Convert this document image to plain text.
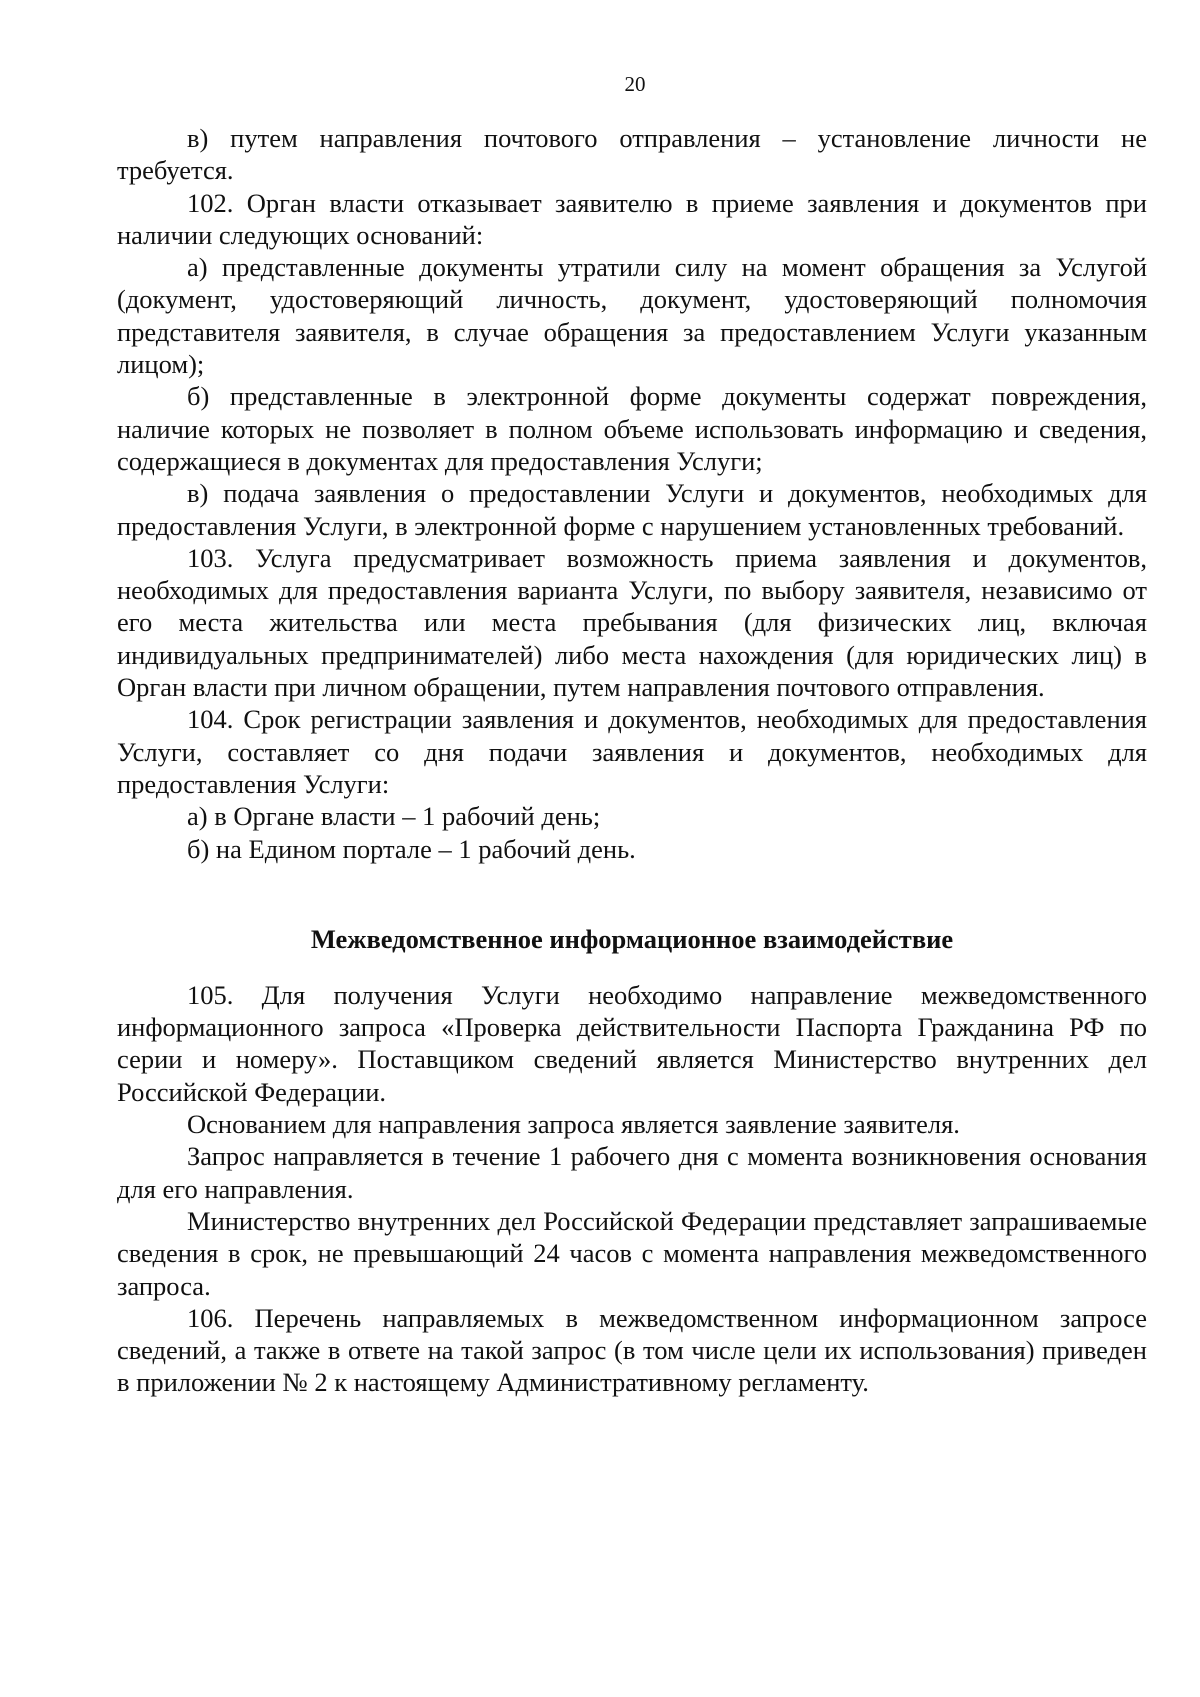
20

в) путем направления почтового отправления – установление личности не требуется.

102. Орган власти отказывает заявителю в приеме заявления и документов при наличии следующих оснований:

а) представленные документы утратили силу на момент обращения за Услугой (документ, удостоверяющий личность, документ, удостоверяющий полномочия представителя заявителя, в случае обращения за предоставлением Услуги указанным лицом);

б) представленные в электронной форме документы содержат повреждения, наличие которых не позволяет в полном объеме использовать информацию и сведения, содержащиеся в документах для предоставления Услуги;

в) подача заявления о предоставлении Услуги и документов, необходимых для предоставления Услуги, в электронной форме с нарушением установленных требований.

103. Услуга предусматривает возможность приема заявления и документов, необходимых для предоставления варианта Услуги, по выбору заявителя, независимо от его места жительства или места пребывания (для физических лиц, включая индивидуальных предпринимателей) либо места нахождения (для юридических лиц) в Орган власти при личном обращении, путем направления почтового отправления.

104. Срок регистрации заявления и документов, необходимых для предоставления Услуги, составляет со дня подачи заявления и документов, необходимых для предоставления Услуги:

а) в Органе власти – 1 рабочий день;

б) на Едином портале – 1 рабочий день.

Межведомственное информационное взаимодействие

105. Для получения Услуги необходимо направление межведомственного информационного запроса «Проверка действительности Паспорта Гражданина РФ по серии и номеру». Поставщиком сведений является Министерство внутренних дел Российской Федерации.

Основанием для направления запроса является заявление заявителя.

Запрос направляется в течение 1 рабочего дня с момента возникновения основания для его направления.

Министерство внутренних дел Российской Федерации представляет запрашиваемые сведения в срок, не превышающий 24 часов с момента направления межведомственного запроса.

106. Перечень направляемых в межведомственном информационном запросе сведений, а также в ответе на такой запрос (в том числе цели их использования) приведен в приложении № 2 к настоящему Административному регламенту.
